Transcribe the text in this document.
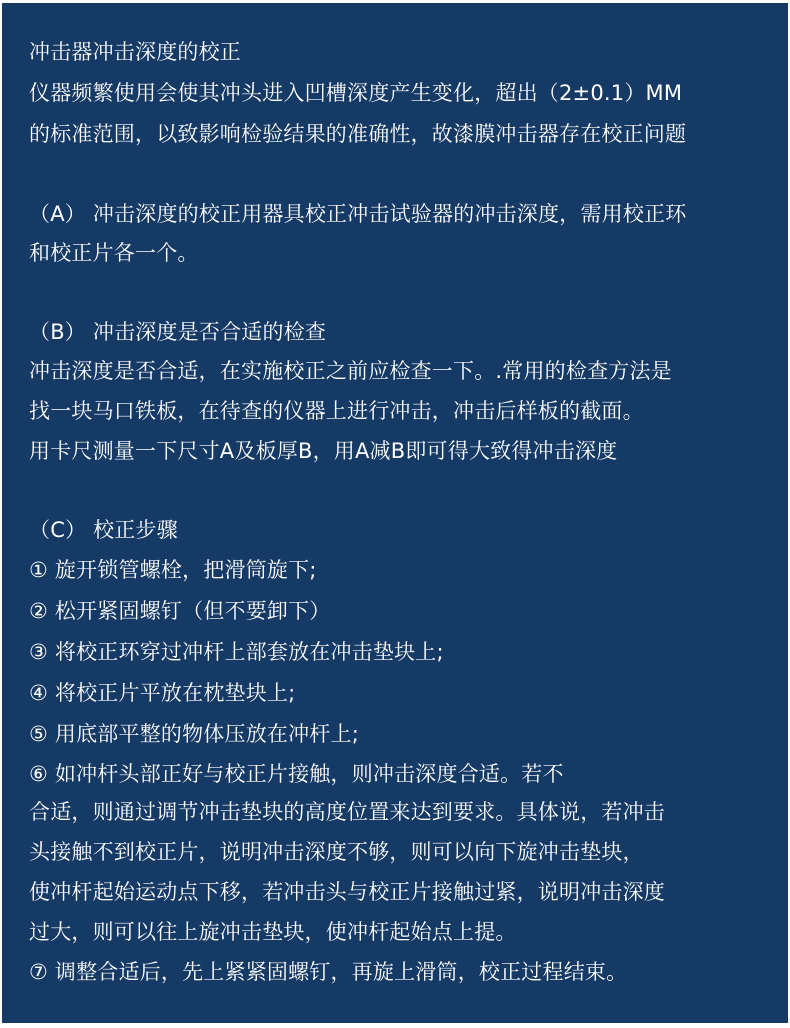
冲击器冲击深度的校正
仪器频繁使用会使其冲头进入凹槽深度产生变化，超出（2±0.1）MM
的标准范围，以致影响检验结果的准确性，故漆膜冲击器存在校正问题
（A） 冲击深度的校正用器具校正冲击试验器的冲击深度，需用校正环
和校正片各一个。
（B） 冲击深度是否合适的检查
冲击深度是否合适，在实施校正之前应检查一下。.常用的检查方法是
找一块马口铁板，在待查的仪器上进行冲击，冲击后样板的截面。
用卡尺测量一下尺寸A及板厚B，用A减B即可得大致得冲击深度
（C） 校正步骤
① 旋开锁管螺栓，把滑筒旋下;
② 松开紧固螺钉（但不要卸下）
③ 将校正环穿过冲杆上部套放在冲击垫块上;
④ 将校正片平放在枕垫块上;
⑤ 用底部平整的物体压放在冲杆上;
⑥ 如冲杆头部正好与校正片接触，则冲击深度合适。若不
合适，则通过调节冲击垫块的高度位置来达到要求。具体说，若冲击
头接触不到校正片，说明冲击深度不够，则可以向下旋冲击垫块，
使冲杆起始运动点下移，若冲击头与校正片接触过紧，说明冲击深度
过大，则可以往上旋冲击垫块，使冲杆起始点上提。
⑦ 调整合适后，先上紧紧固螺钉，再旋上滑筒，校正过程结束。
